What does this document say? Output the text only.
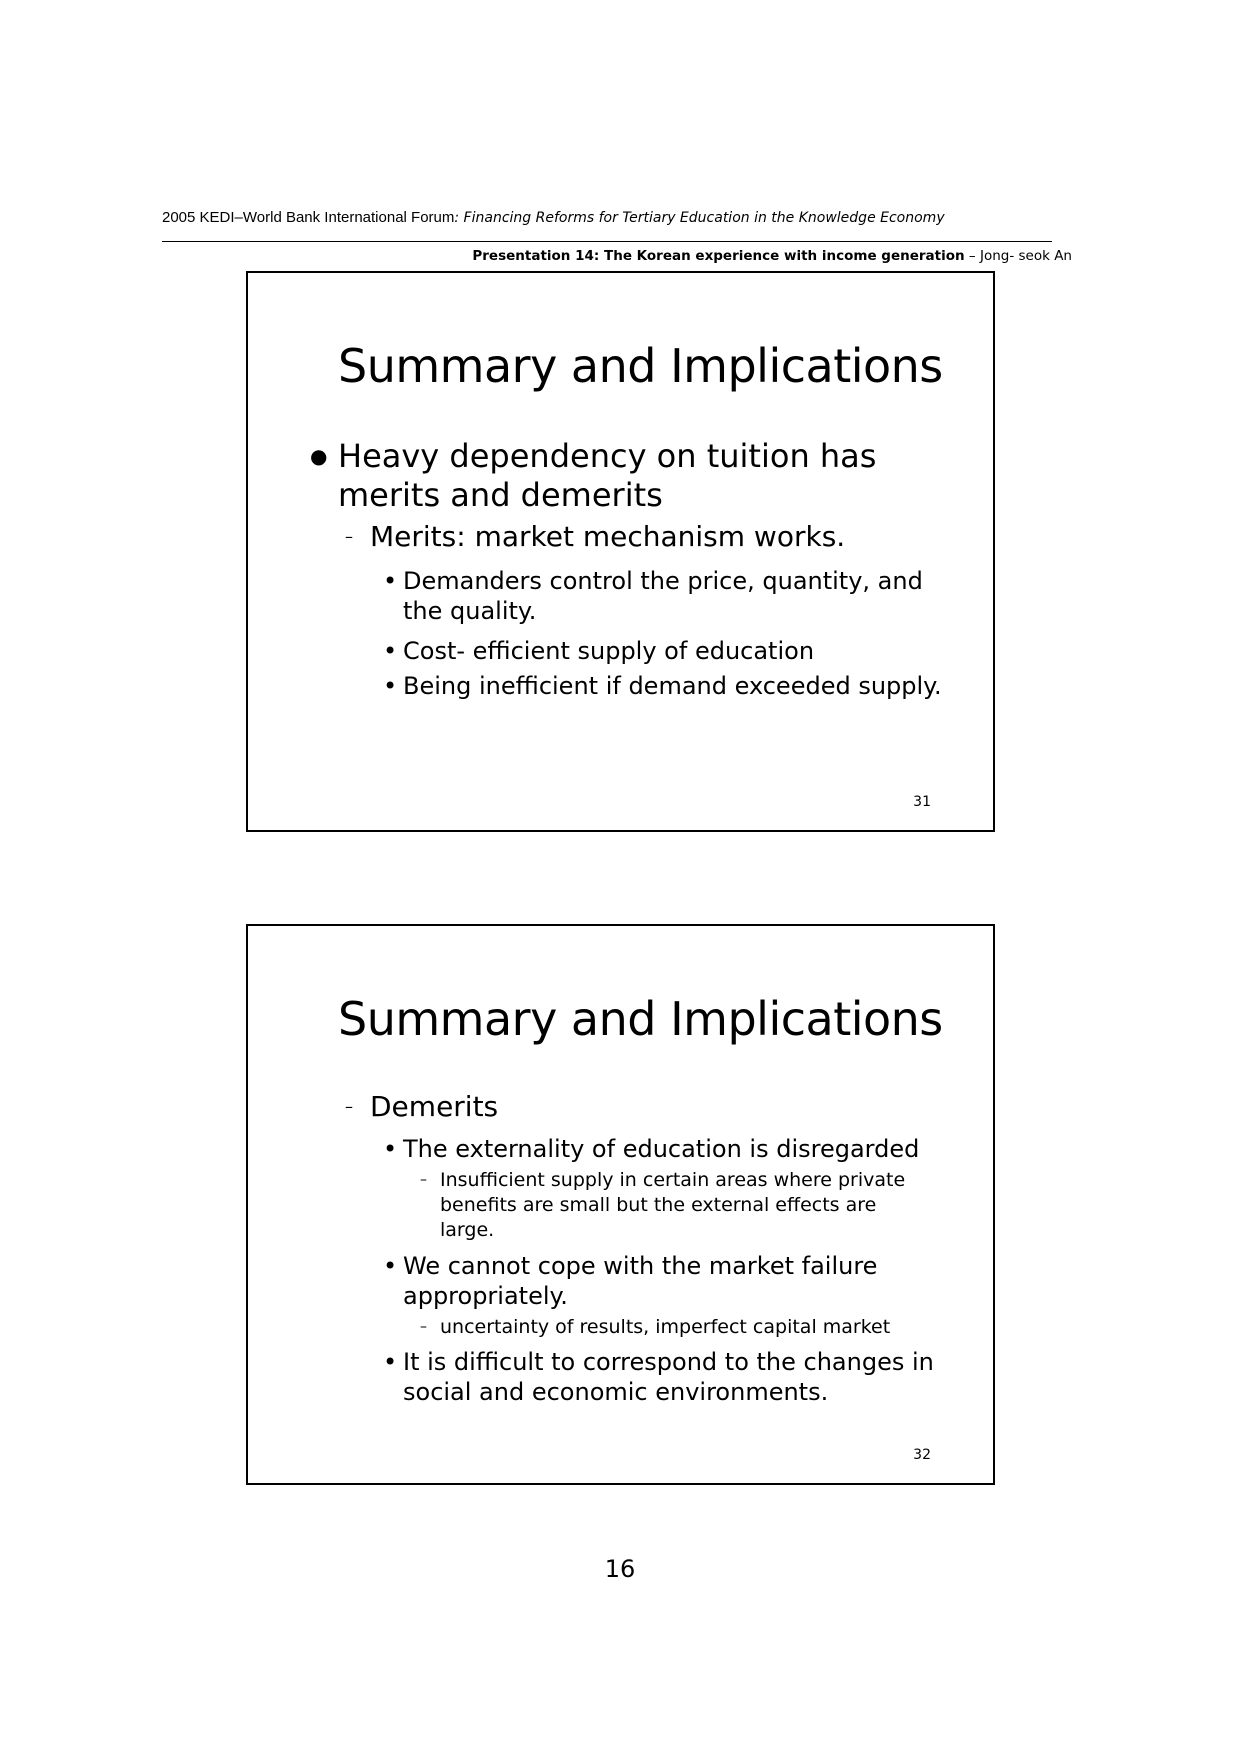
2005 KEDI–World Bank International Forum: Financing Reforms for Tertiary Education in the Knowledge Economy
Presentation 14: The Korean experience with income generation – Jong- seok An
Summary and Implications
● Heavy dependency on tuition has merits and demerits
– Merits: market mechanism works.
• Demanders control the price, quantity, and the quality.
• Cost- efficient supply of education
• Being inefficient if demand exceeded supply.
31
Summary and Implications
– Demerits
• The externality of education is disregarded
– Insufficient supply in certain areas where private benefits are small but the external effects are large.
• We cannot cope with the market failure appropriately.
– uncertainty of results, imperfect capital market
• It is difficult to correspond to the changes in social and economic environments.
32
16
